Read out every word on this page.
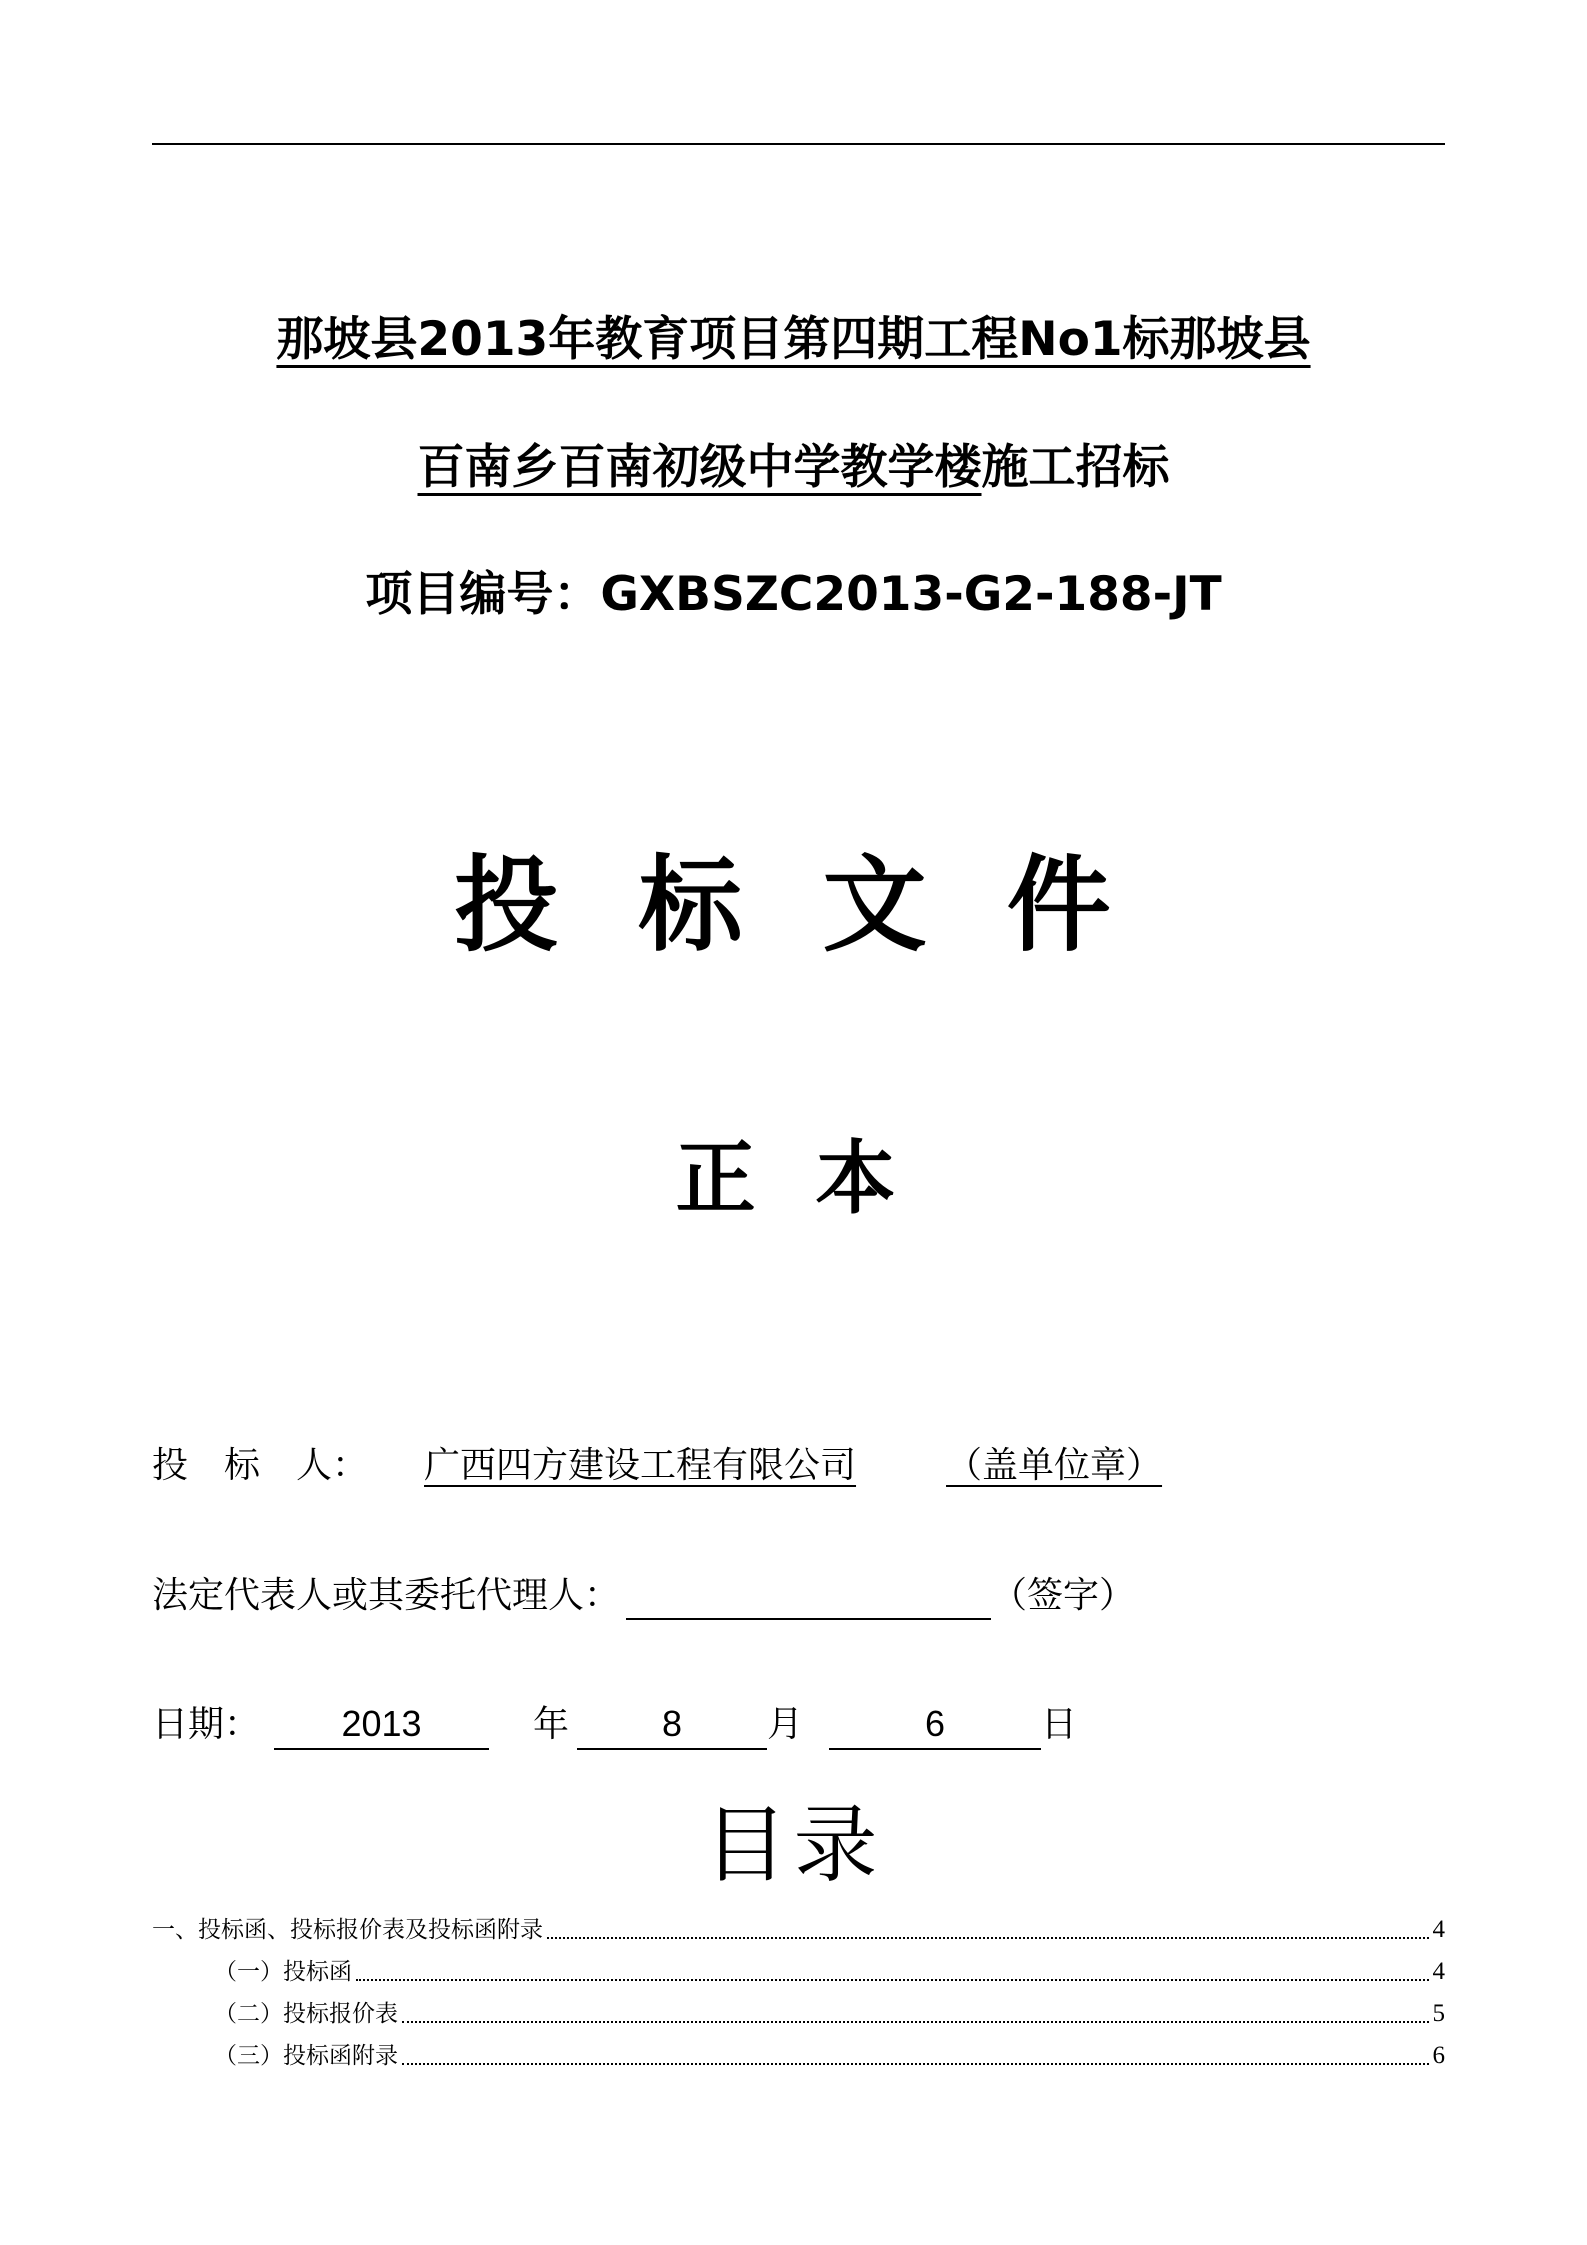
那坡县2013年教育项目第四期工程No1标那坡县
百南乡百南初级中学教学楼施工招标
项目编号：GXBSZC2013-G2-188-JT
投 标 文 件
正 本
投　标　人： 广西四方建设工程有限公司	（盖单位章）
法定代表人或其委托代理人：	（签字）
日期： 2013	年	8 月	6	日
目录
一、投标函、投标报价表及投标函附录	4
（一）投标函	4
（二）投标报价表	5
（三）投标函附录	6
